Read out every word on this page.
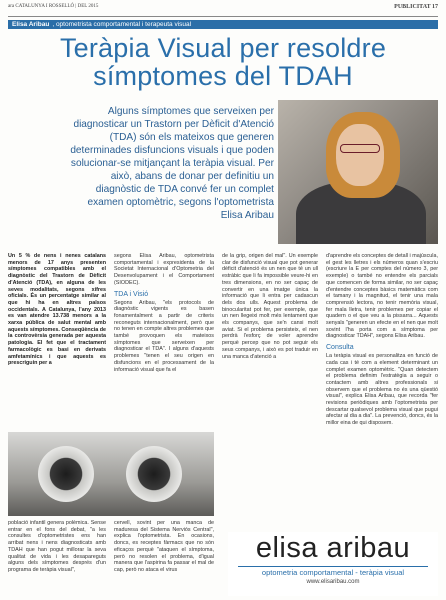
ara CATALUNYA I ROSSELLÓ | DEL 2015	PUBLICITAT 17
Elisa Aribau , optometrista comportamental i terapeuta visual
Teràpia Visual per resoldre símptomes del TDAH
Alguns símptomes que serveixen per diagnosticar un Trastorn per Dèficit d'Atenció (TDA) són els mateixos que generen determinades disfuncions visuals i que poden solucionar-se mitjançant la teràpia visual. Per això, abans de donar per definitiu un diagnòstic de TDA convé fer un complet examen optomètric, segons l'optometrista Elisa Aribau

Un 5 % de nens i nenes catalans menors de 17 anys presenten símptomes compatibles amb el diagnòstic del Trastorn de Dèficit d'Atenció (TDA), en alguna de les seves modalitats, segons xifres oficials. És un percentatge similar al que hi ha en altres països occidentals. A Catalunya, l'any 2013 es van atendre 13.738 menors a la xarxa pública de salut mental amb aquests símptomes. Conseqüència de la controvèrsia generada per aquesta patologia. El fet que el tractament farmacològic es basi en derivats amfetamínics i que aquests es prescriguin per a

segons Elisa Aribau, optometrista comportamental i expresidenta de la Societat Internacional d'Optometria del Desenvolupament i el Comportament (SIODEC).

TDA i Visió

Segons Aribau, "els protocols de diagnòstic vigents es basen fonamentalment a partir de criteris reconeguts internacionalment, però que no tenen en compte altres problemes que també provoquen els mateixos símptomes que serveixen per diagnosticar el TDA". I alguns d'aquests problemes "tenen el seu origen en disfuncions en el processament de la informació visual que fa el

de la grip, origen del mal". Un exemple clar de disfunció visual que pot generar dèficit d'atenció és un nen que té un ull estràbic que li fa impossible veure-hi en tres dimensions, en no ser capaç de convertir en una imatge única la informació que li entra per cadascun dels dos ulls. Aquest problema de binocularitat pot fer, per exemple, que un nen llegeixi molt més lentament que els companys, que se'n cansi molt aviat. Si el problema persisteix, el nen perdrà l'esforç de voler aprendre perquè percep que no pot seguir els seus companys, i això es pot traduir en una manca d'atenció a

d'aprendre els conceptes de detall i majúscula, el gest les lletres i els números quan s'escriu (escriure la E per comptes del número 3, per exemple) o també no entendre els parcials que comencen de forma similar, no ser capaç d'entendre conceptes bàsics matemàtics com el tamany i la magnitud, el tenir una mala comprensió lectora, no tenir memòria visual, fer mala lletra, tenir problemes per copiar el quadern o el que veu a la pissarra... Aquests senyals "generen un efecte en el nen que molt sovint l'ha porta com a símptoma per diagnosticar TDAH", segons Elisa Aribau.

Consulta

La teràpia visual es personalitza en funció de cada cas i té com a element determinant un complet examen optomètric. "Quan detectem el problema definim l'estratègia a seguir o contactem amb altres professionals si observem que el problema no és una qüestió visual", explica Elisa Aribau, que recorda "fer revisions periòdiques amb l'optometrista per descartar qualsevol problema visual que pugui afectar al dia a dia". La prevenció, doncs, és la millor eina de qui disposem.

població infantil genera polèmica. Sense entrar en el fons del debat, "a les consultes d'optometristes ens han arribat nens i nens diagnosticats amb TDAH que han pogut millorar la seva qualitat de vida i les desapareguts alguns dels símptomes després d'un programa de teràpia visual",

cervell, sovint per una manca de maduresa del Sistema Nerviós Central", explica l'optometrista. En ocasions, doncs, es receptes fàrmacs que no són eficaços perquè "ataquen el símptoma, però no resolen el problema, d'igual manera que l'aspirina fa passar el mal de cap, però no ataca el virus

elisa aribau
optometria comportamental - teràpia visual
www.elisaribau.com
